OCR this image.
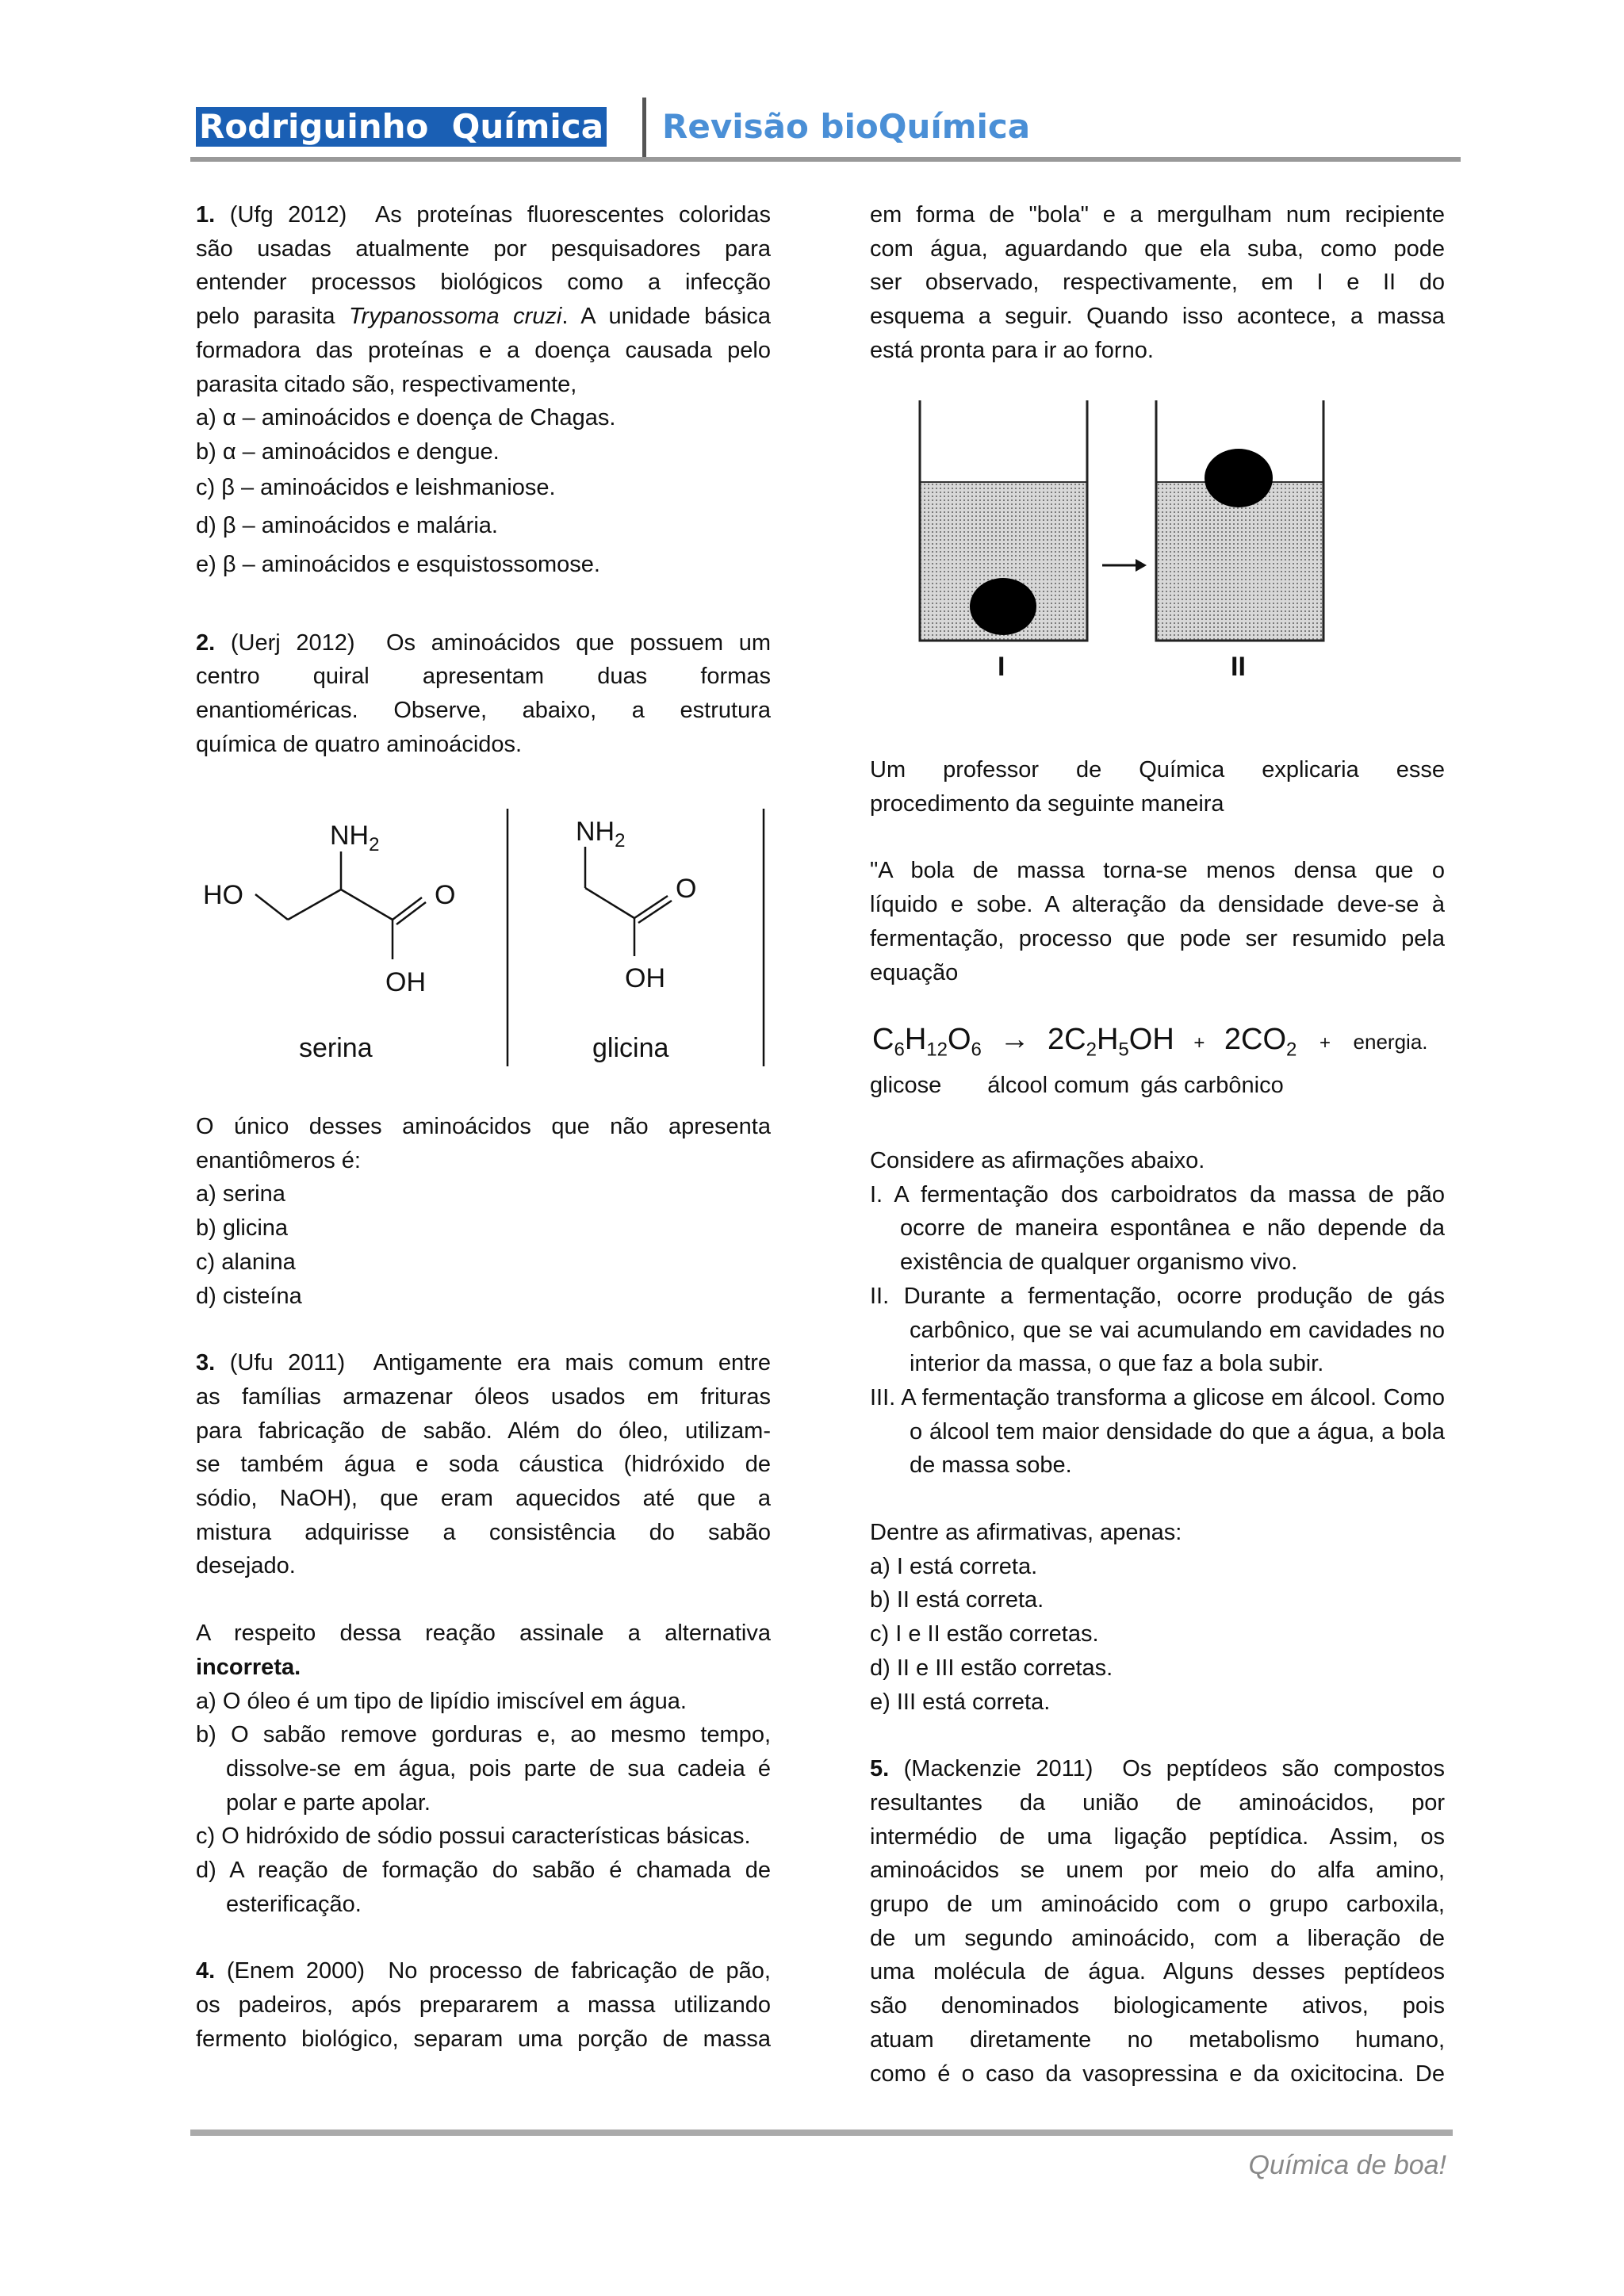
Rodriguinho  Química Revisão bioQuímica

1. (Ufg 2012) As proteínas fluorescentes coloridas

são usadas atualmente por pesquisadores para

entender processos biológicos como a infecção

pelo parasita Trypanossoma cruzi. A unidade básica

formadora das proteínas e a doença causada pelo

parasita citado são, respectivamente,

a) α – aminoácidos e doença de Chagas.

b) α – aminoácidos e dengue.

c) β – aminoácidos e leishmaniose.

d) β – aminoácidos e malária.

e) β – aminoácidos e esquistossomose.

2. (Uerj 2012) Os aminoácidos que possuem um

centro quiral apresentam duas formas

enantioméricas. Observe, abaixo, a estrutura

química de quatro aminoácidos.

$NH_2$
HO	O
OH
serina
$NH_2$
O
OH
glicina

O único desses aminoácidos que não apresenta

enantiômeros é:

a) serina

b) glicina

c) alanina

d) cisteína

3. (Ufu 2011) Antigamente era mais comum entre

as famílias armazenar óleos usados em frituras

para fabricação de sabão. Além do óleo, utilizam-

se também água e soda cáustica (hidróxido de

sódio, NaOH), que eram aquecidos até que a

mistura adquirisse a consistência do sabão

desejado.

A respeito dessa reação assinale a alternativa

incorreta.

a) O óleo é um tipo de lipídio imiscível em água.

b) O sabão remove gorduras e, ao mesmo tempo, dissolve-se em água, pois parte de sua cadeia é polar e parte apolar.

c) O hidróxido de sódio possui características básicas.

d) A reação de formação do sabão é chamada de esterificação.

4. (Enem 2000) No processo de fabricação de pão,

os padeiros, após prepararem a massa utilizando

fermento biológico, separam uma porção de massa

em forma de "bola" e a mergulham num recipiente

com água, aguardando que ela suba, como pode

ser observado, respectivamente, em I e II do

esquema a seguir. Quando isso acontece, a massa

está pronta para ir ao forno.

I	II

Um professor de Química explicaria esse

procedimento da seguinte maneira

"A bola de massa torna-se menos densa que o

líquido e sobe. A alteração da densidade deve-se à

fermentação, processo que pode ser resumido pela

equação

$C_6H_{12}O_6 \to 2C_2H_5OH + 2CO_2$ + energia.
glicose álcool comum gás carbônico

Considere as afirmações abaixo.

I. A fermentação dos carboidratos da massa de pão ocorre de maneira espontânea e não depende da existência de qualquer organismo vivo.

II. Durante a fermentação, ocorre produção de gás carbônico, que se vai acumulando em cavidades no interior da massa, o que faz a bola subir.

III. A fermentação transforma a glicose em álcool. Como o álcool tem maior densidade do que a água, a bola de massa sobe.

Dentre as afirmativas, apenas:

a) I está correta.

b) II está correta.

c) I e II estão corretas.

d) II e III estão corretas.

e) III está correta.

5. (Mackenzie 2011) Os peptídeos são compostos

resultantes da união de aminoácidos, por

intermédio de uma ligação peptídica. Assim, os

aminoácidos se unem por meio do alfa amino,

grupo de um aminoácido com o grupo carboxila,

de um segundo aminoácido, com a liberação de

uma molécula de água. Alguns desses peptídeos

são denominados biologicamente ativos, pois

atuam diretamente no metabolismo humano,

como é o caso da vasopressina e da oxicitocina. De

Química de boa!
